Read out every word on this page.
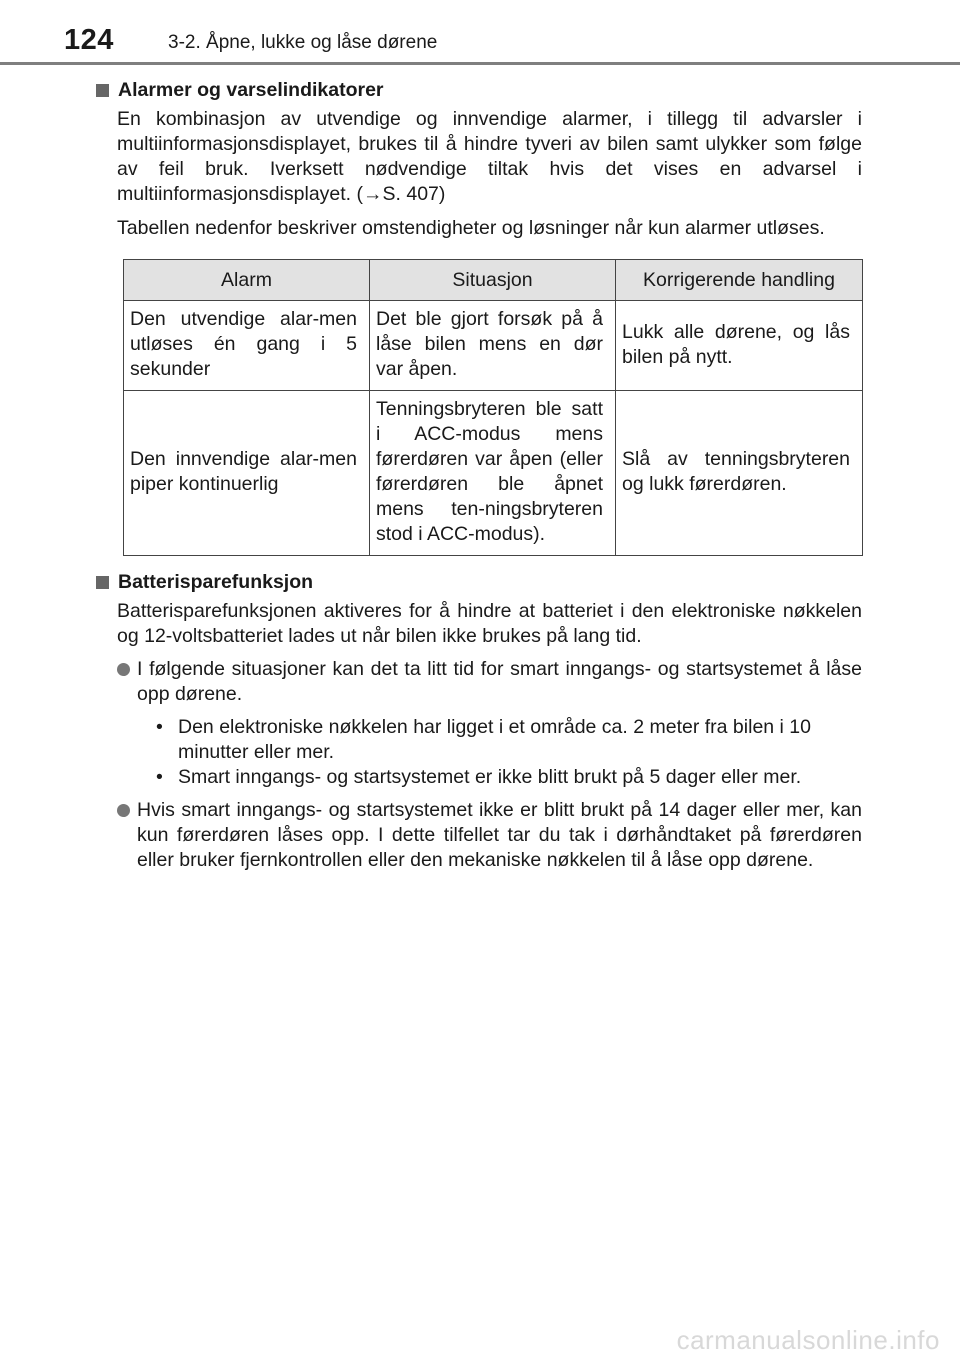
124	3-2. Åpne, lukke og låse dørene
Alarmer og varselindikatorer
En kombinasjon av utvendige og innvendige alarmer, i tillegg til advarsler i multiinformasjonsdisplayet, brukes til å hindre tyveri av bilen samt ulykker som følge av feil bruk. Iverksett nødvendige tiltak hvis det vises en advarsel i multiinformasjonsdisplayet. (→S. 407)
Tabellen nedenfor beskriver omstendigheter og løsninger når kun alarmer utløses.
Alarm	Situasjon	Korrigerende handling
Den utvendige alar-men utløses én gang i 5 sekunder	Det ble gjort forsøk på å låse bilen mens en dør var åpen.	Lukk alle dørene, og lås bilen på nytt.
Den innvendige alar-men piper kontinuerlig	Tenningsbryteren ble satt i ACC-modus mens førerdøren var åpen (eller førerdøren ble åpnet mens ten-ningsbryteren stod i ACC-modus).	Slå av tenningsbryteren og lukk førerdøren.
Batterisparefunksjon
Batterisparefunksjonen aktiveres for å hindre at batteriet i den elektroniske nøkkelen og 12-voltsbatteriet lades ut når bilen ikke brukes på lang tid.
I følgende situasjoner kan det ta litt tid for smart inngangs- og startsystemet å låse opp dørene.
• Den elektroniske nøkkelen har ligget i et område ca. 2 meter fra bilen i 10 minutter eller mer.
• Smart inngangs- og startsystemet er ikke blitt brukt på 5 dager eller mer.
Hvis smart inngangs- og startsystemet ikke er blitt brukt på 14 dager eller mer, kan kun førerdøren låses opp. I dette tilfellet tar du tak i dørhåndtaket på førerdøren eller bruker fjernkontrollen eller den mekaniske nøkkelen til å låse opp dørene.
carmanualsonline.info
